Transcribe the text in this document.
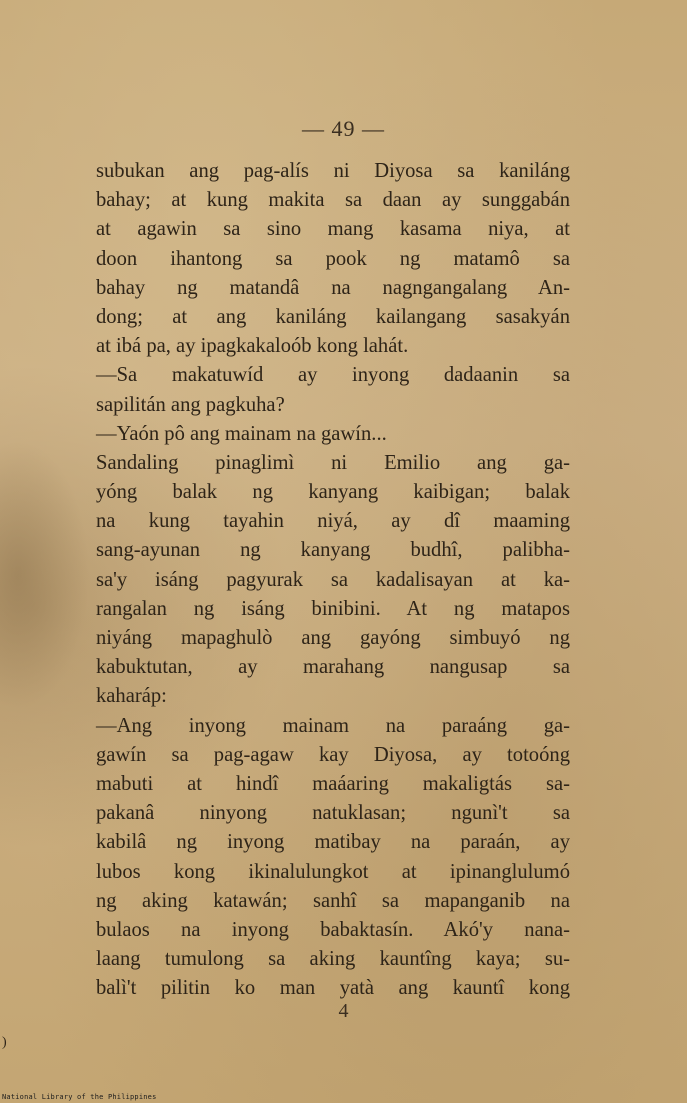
— 49 —
subukan ang pag-alís ni Diyosa sa kaniláng
bahay; at kung makita sa daan ay sunggabán
at agawin sa sino mang kasama niya, at
doon ihantong sa pook ng matamô sa
bahay ng matandâ na nagngangalang An-
dong; at ang kaniláng kailangang sasakyán
at ibá pa, ay ipagkakaloób kong lahát.
—Sa makatuwíd ay inyong dadaanin sa
sapilitán ang pagkuha?
—Yaón pô ang mainam na gawín...
Sandaling pinaglimì ni Emilio ang ga-
yóng balak ng kanyang kaibigan; balak
na kung tayahin niyá, ay dî maaming
sang-ayunan ng kanyang budhî, palibha-
sa'y isáng pagyurak sa kadalisayan at ka-
rangalan ng isáng binibini. At ng matapos
niyáng mapaghulò ang gayóng simbuyó ng
kabuktutan, ay marahang nangusap sa
kaharáp:
—Ang inyong mainam na paraáng ga-
gawín sa pag-agaw kay Diyosa, ay totoóng
mabuti at hindî maáaring makaligtás sa-
pakanâ ninyong natuklasan; ngunì't sa
kabilâ ng inyong matibay na paraán, ay
lubos kong ikinalulungkot at ipinanglulumó
ng aking katawán; sanhî sa mapanganib na
bulaos na inyong babaktasín. Akó'y nana-
laang tumulong sa aking kauntîng kaya; su-
balì't pilitin ko man yatà ang kauntî kong
4
)
National Library of the Philippines
